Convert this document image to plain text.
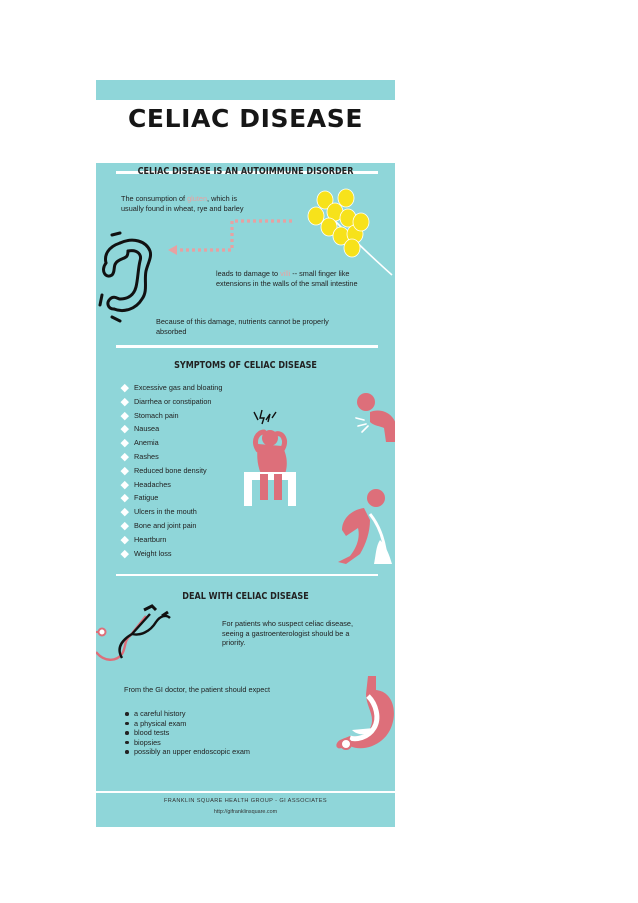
CELIAC DISEASE
CELIAC DISEASE IS AN AUTOIMMUNE DISORDER
The consumption of gluten, which is usually found in wheat, rye and barley
leads to damage to villi -- small finger like extensions in the walls of the small intestine
Because of this damage, nutrients cannot be properly absorbed
SYMPTOMS OF CELIAC DISEASE
Excessive gas and bloating
Diarrhea or constipation
Stomach pain
Nausea
Anemia
Rashes
Reduced bone density
Headaches
Fatigue
Ulcers in the mouth
Bone and joint pain
Heartburn
Weight loss
DEAL WITH CELIAC DISEASE
For patients who suspect celiac disease, seeing a gastroenterologist should be a priority.
From the GI doctor, the patient should expect
a careful history
a physical exam
blood tests
biopsies
possibly an upper endoscopic exam
FRANKLIN SQUARE HEALTH GROUP - GI ASSOCIATES
http://gifranklinsquare.com
